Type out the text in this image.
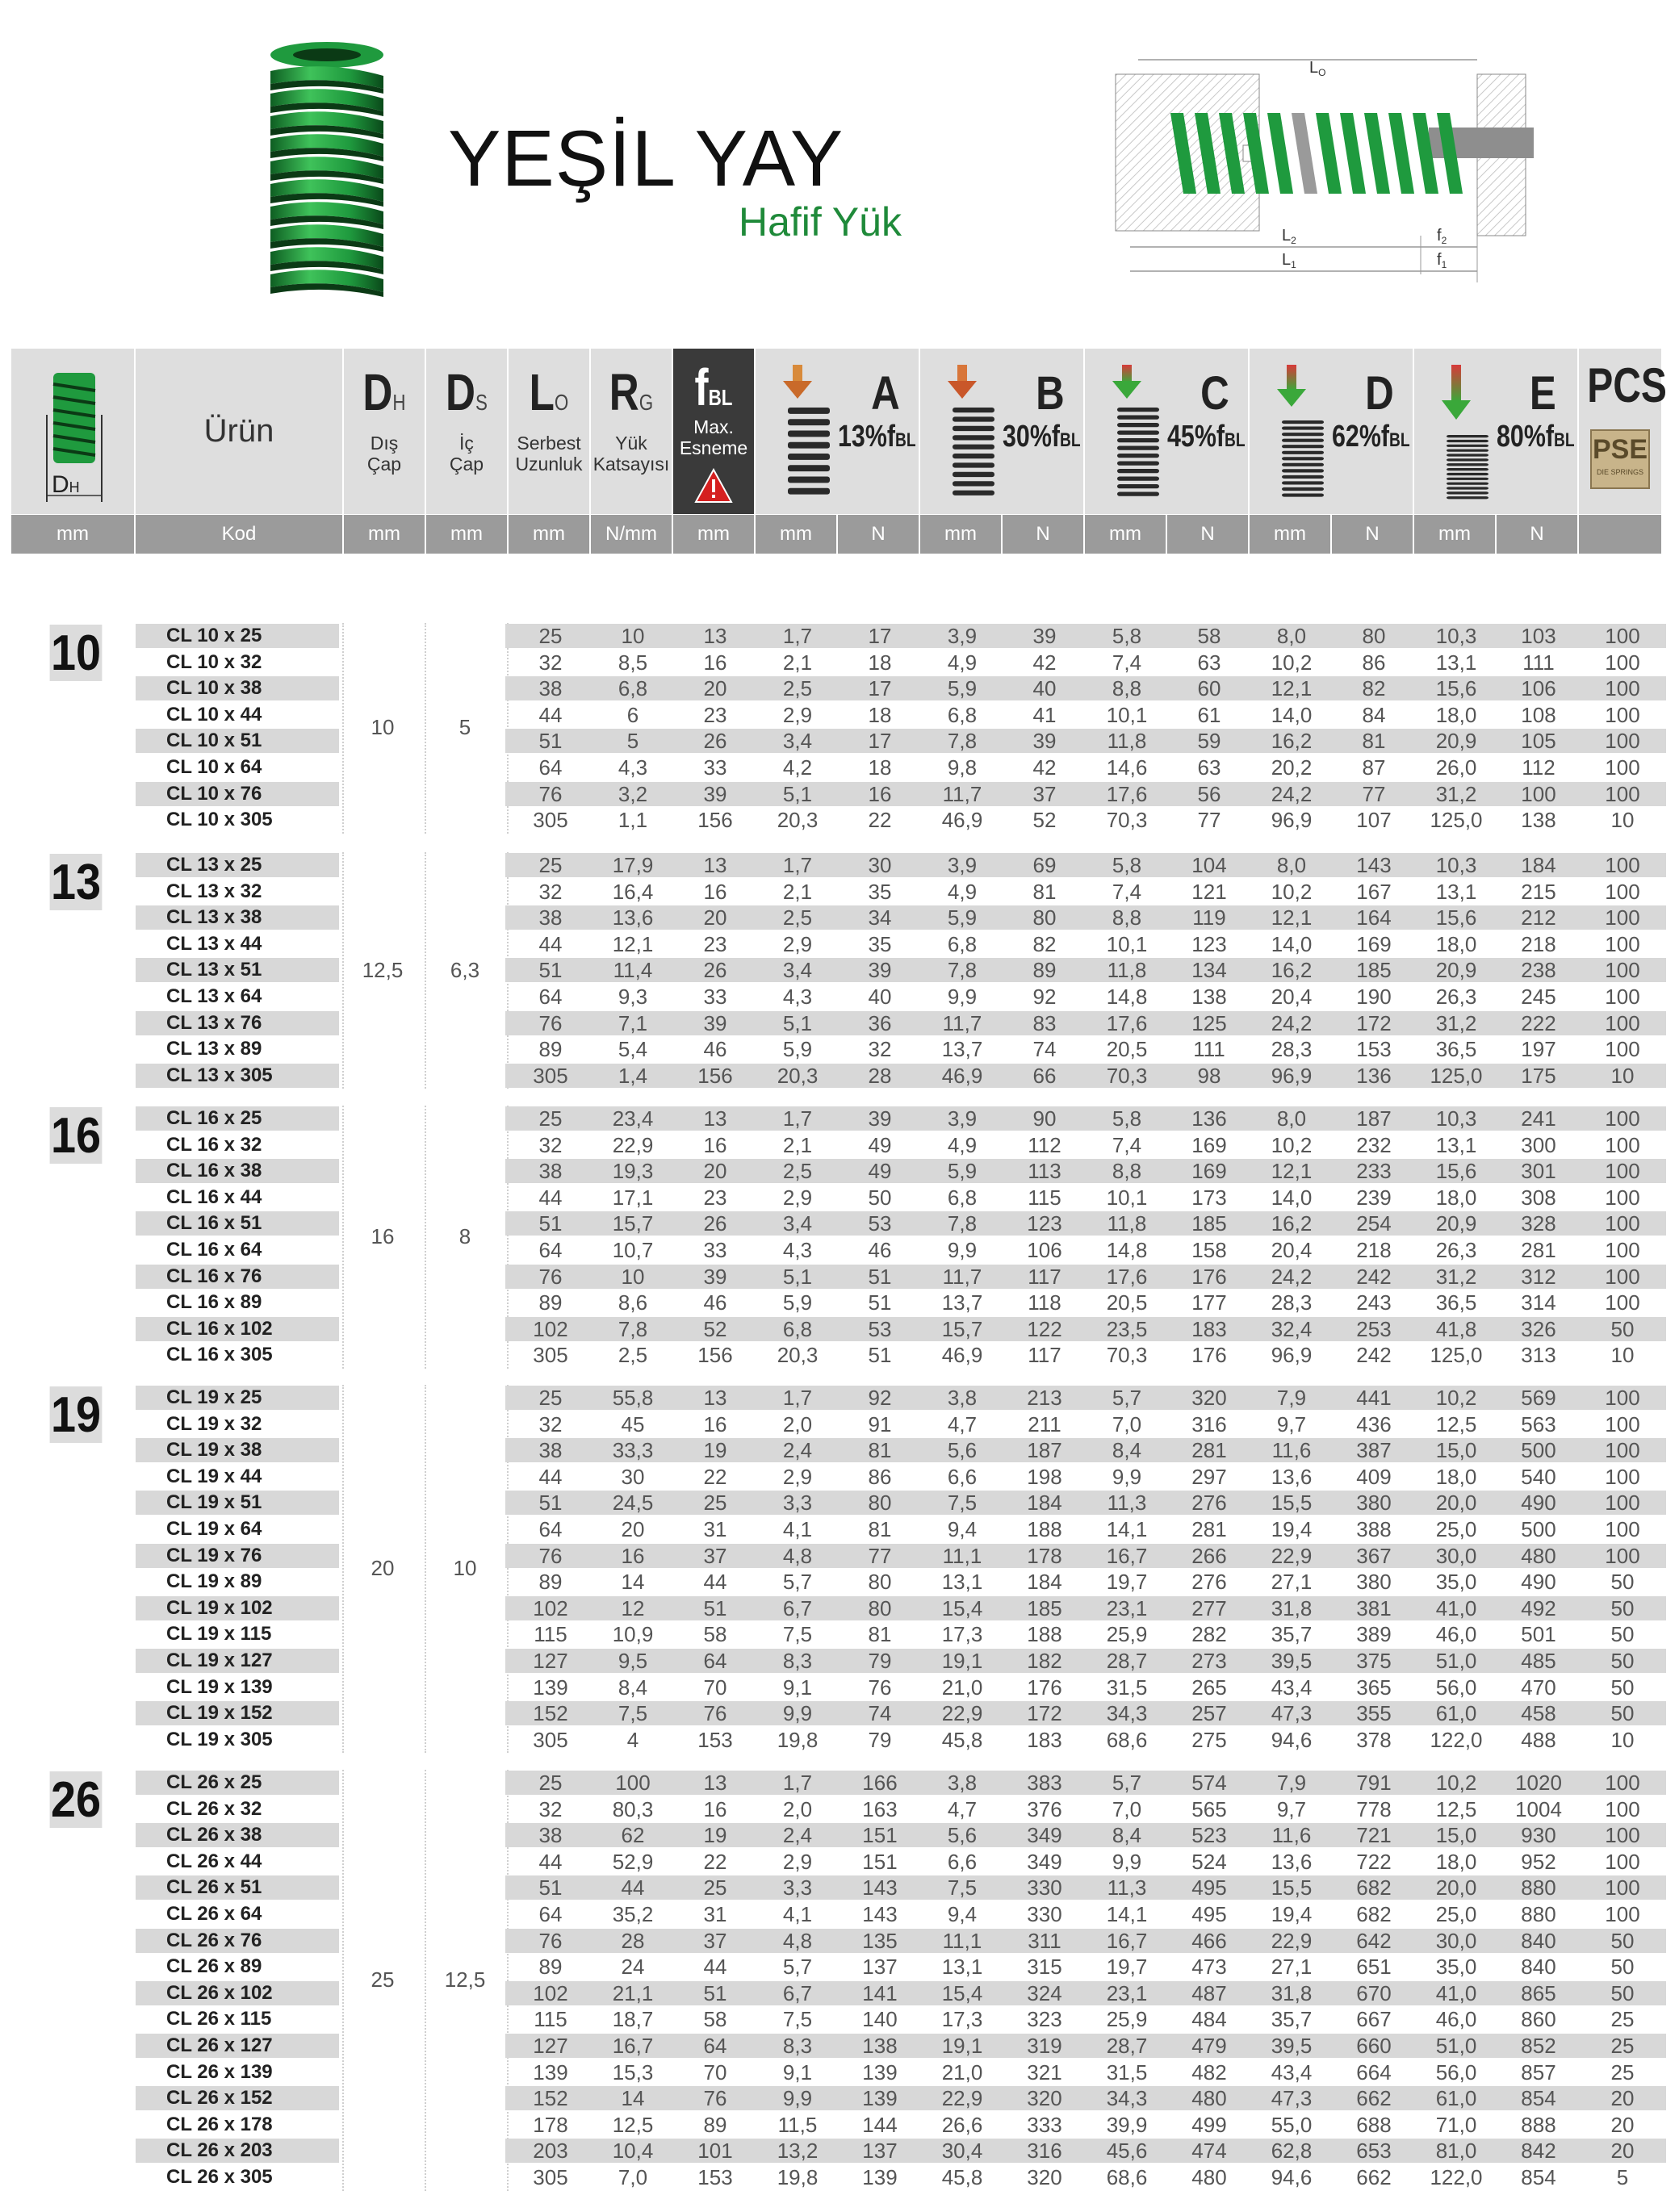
YEŞİL YAY
Hafif Yük
$L_O$
$L_2$
$L_1$
$f_2$
$f_1$
DH
Ürün
DH
Dış
Çap
DS
İç
Çap
LO
Serbest
Uzunluk
RG
Yük
Katsayısı
fBL
Max.
Esneme
A
13%fBL
B
30%fBL
C
45%fBL
D
62%fBL
E
80%fBL
PCS
PSE
DIE SPRINGS
mm	Kod	mm	mm	mm	N/mm	mm	mm	N	mm	N	mm	N	mm	N	mm	N
10
10	5
CL 10 x 25	25	10	13	1,7	17	3,9	39	5,8	58	8,0	80	10,3	103	100
CL 10 x 32	32	8,5	16	2,1	18	4,9	42	7,4	63	10,2	86	13,1	111	100
CL 10 x 38	38	6,8	20	2,5	17	5,9	40	8,8	60	12,1	82	15,6	106	100
CL 10 x 44	44	6	23	2,9	18	6,8	41	10,1	61	14,0	84	18,0	108	100
CL 10 x 51	51	5	26	3,4	17	7,8	39	11,8	59	16,2	81	20,9	105	100
CL 10 x 64	64	4,3	33	4,2	18	9,8	42	14,6	63	20,2	87	26,0	112	100
CL 10 x 76	76	3,2	39	5,1	16	11,7	37	17,6	56	24,2	77	31,2	100	100
CL 10 x 305	305	1,1	156	20,3	22	46,9	52	70,3	77	96,9	107	125,0	138	10
13
12,5	6,3
CL 13 x 25	25	17,9	13	1,7	30	3,9	69	5,8	104	8,0	143	10,3	184	100
CL 13 x 32	32	16,4	16	2,1	35	4,9	81	7,4	121	10,2	167	13,1	215	100
CL 13 x 38	38	13,6	20	2,5	34	5,9	80	8,8	119	12,1	164	15,6	212	100
CL 13 x 44	44	12,1	23	2,9	35	6,8	82	10,1	123	14,0	169	18,0	218	100
CL 13 x 51	51	11,4	26	3,4	39	7,8	89	11,8	134	16,2	185	20,9	238	100
CL 13 x 64	64	9,3	33	4,3	40	9,9	92	14,8	138	20,4	190	26,3	245	100
CL 13 x 76	76	7,1	39	5,1	36	11,7	83	17,6	125	24,2	172	31,2	222	100
CL 13 x 89	89	5,4	46	5,9	32	13,7	74	20,5	111	28,3	153	36,5	197	100
CL 13 x 305	305	1,4	156	20,3	28	46,9	66	70,3	98	96,9	136	125,0	175	10
16
16	8
CL 16 x 25	25	23,4	13	1,7	39	3,9	90	5,8	136	8,0	187	10,3	241	100
CL 16 x 32	32	22,9	16	2,1	49	4,9	112	7,4	169	10,2	232	13,1	300	100
CL 16 x 38	38	19,3	20	2,5	49	5,9	113	8,8	169	12,1	233	15,6	301	100
CL 16 x 44	44	17,1	23	2,9	50	6,8	115	10,1	173	14,0	239	18,0	308	100
CL 16 x 51	51	15,7	26	3,4	53	7,8	123	11,8	185	16,2	254	20,9	328	100
CL 16 x 64	64	10,7	33	4,3	46	9,9	106	14,8	158	20,4	218	26,3	281	100
CL 16 x 76	76	10	39	5,1	51	11,7	117	17,6	176	24,2	242	31,2	312	100
CL 16 x 89	89	8,6	46	5,9	51	13,7	118	20,5	177	28,3	243	36,5	314	100
CL 16 x 102	102	7,8	52	6,8	53	15,7	122	23,5	183	32,4	253	41,8	326	50
CL 16 x 305	305	2,5	156	20,3	51	46,9	117	70,3	176	96,9	242	125,0	313	10
19
20	10
CL 19 x 25	25	55,8	13	1,7	92	3,8	213	5,7	320	7,9	441	10,2	569	100
CL 19 x 32	32	45	16	2,0	91	4,7	211	7,0	316	9,7	436	12,5	563	100
CL 19 x 38	38	33,3	19	2,4	81	5,6	187	8,4	281	11,6	387	15,0	500	100
CL 19 x 44	44	30	22	2,9	86	6,6	198	9,9	297	13,6	409	18,0	540	100
CL 19 x 51	51	24,5	25	3,3	80	7,5	184	11,3	276	15,5	380	20,0	490	100
CL 19 x 64	64	20	31	4,1	81	9,4	188	14,1	281	19,4	388	25,0	500	100
CL 19 x 76	76	16	37	4,8	77	11,1	178	16,7	266	22,9	367	30,0	480	100
CL 19 x 89	89	14	44	5,7	80	13,1	184	19,7	276	27,1	380	35,0	490	50
CL 19 x 102	102	12	51	6,7	80	15,4	185	23,1	277	31,8	381	41,0	492	50
CL 19 x 115	115	10,9	58	7,5	81	17,3	188	25,9	282	35,7	389	46,0	501	50
CL 19 x 127	127	9,5	64	8,3	79	19,1	182	28,7	273	39,5	375	51,0	485	50
CL 19 x 139	139	8,4	70	9,1	76	21,0	176	31,5	265	43,4	365	56,0	470	50
CL 19 x 152	152	7,5	76	9,9	74	22,9	172	34,3	257	47,3	355	61,0	458	50
CL 19 x 305	305	4	153	19,8	79	45,8	183	68,6	275	94,6	378	122,0	488	10
26
25	12,5
CL 26 x 25	25	100	13	1,7	166	3,8	383	5,7	574	7,9	791	10,2	1020	100
CL 26 x 32	32	80,3	16	2,0	163	4,7	376	7,0	565	9,7	778	12,5	1004	100
CL 26 x 38	38	62	19	2,4	151	5,6	349	8,4	523	11,6	721	15,0	930	100
CL 26 x 44	44	52,9	22	2,9	151	6,6	349	9,9	524	13,6	722	18,0	952	100
CL 26 x 51	51	44	25	3,3	143	7,5	330	11,3	495	15,5	682	20,0	880	100
CL 26 x 64	64	35,2	31	4,1	143	9,4	330	14,1	495	19,4	682	25,0	880	100
CL 26 x 76	76	28	37	4,8	135	11,1	311	16,7	466	22,9	642	30,0	840	50
CL 26 x 89	89	24	44	5,7	137	13,1	315	19,7	473	27,1	651	35,0	840	50
CL 26 x 102	102	21,1	51	6,7	141	15,4	324	23,1	487	31,8	670	41,0	865	50
CL 26 x 115	115	18,7	58	7,5	140	17,3	323	25,9	484	35,7	667	46,0	860	25
CL 26 x 127	127	16,7	64	8,3	138	19,1	319	28,7	479	39,5	660	51,0	852	25
CL 26 x 139	139	15,3	70	9,1	139	21,0	321	31,5	482	43,4	664	56,0	857	25
CL 26 x 152	152	14	76	9,9	139	22,9	320	34,3	480	47,3	662	61,0	854	20
CL 26 x 178	178	12,5	89	11,5	144	26,6	333	39,9	499	55,0	688	71,0	888	20
CL 26 x 203	203	10,4	101	13,2	137	30,4	316	45,6	474	62,8	653	81,0	842	20
CL 26 x 305	305	7,0	153	19,8	139	45,8	320	68,6	480	94,6	662	122,0	854	5
